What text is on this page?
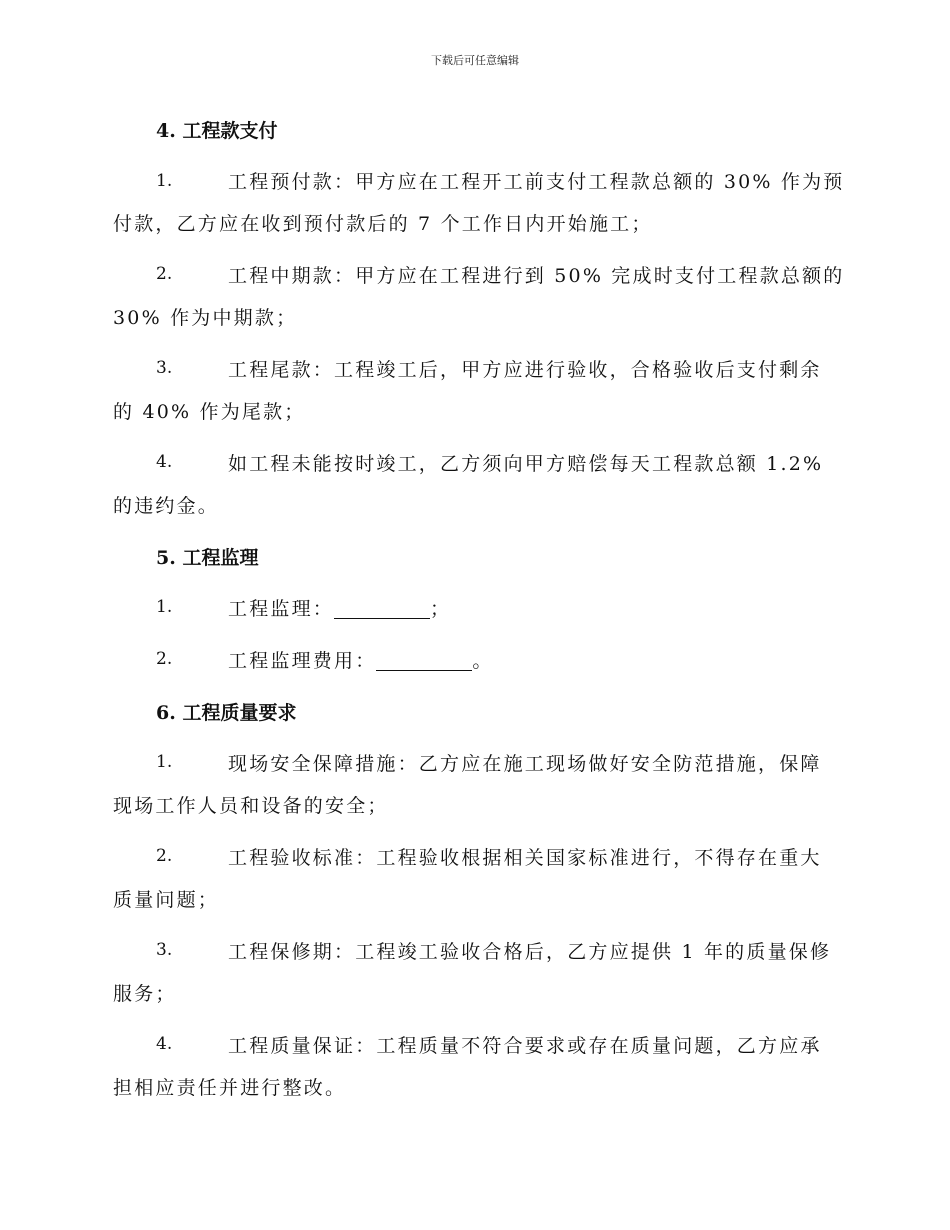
下载后可任意编辑
4. 工程款支付
1.	工程预付款：甲方应在工程开工前支付工程款总额的 30% 作为预
付款，乙方应在收到预付款后的 7 个工作日内开始施工；
2.	工程中期款：甲方应在工程进行到 50% 完成时支付工程款总额的
30% 作为中期款；
3.	工程尾款：工程竣工后，甲方应进行验收，合格验收后支付剩余
的 40% 作为尾款；
4.	如工程未能按时竣工，乙方须向甲方赔偿每天工程款总额 1.2%
的违约金。
5. 工程监理
1.	工程监理：	；
2.	工程监理费用：	。
6. 工程质量要求
1.	现场安全保障措施：乙方应在施工现场做好安全防范措施，保障
现场工作人员和设备的安全；
2.	工程验收标准：工程验收根据相关国家标准进行，不得存在重大
质量问题；
3.	工程保修期：工程竣工验收合格后，乙方应提供 1 年的质量保修
服务；
4.	工程质量保证：工程质量不符合要求或存在质量问题，乙方应承
担相应责任并进行整改。
